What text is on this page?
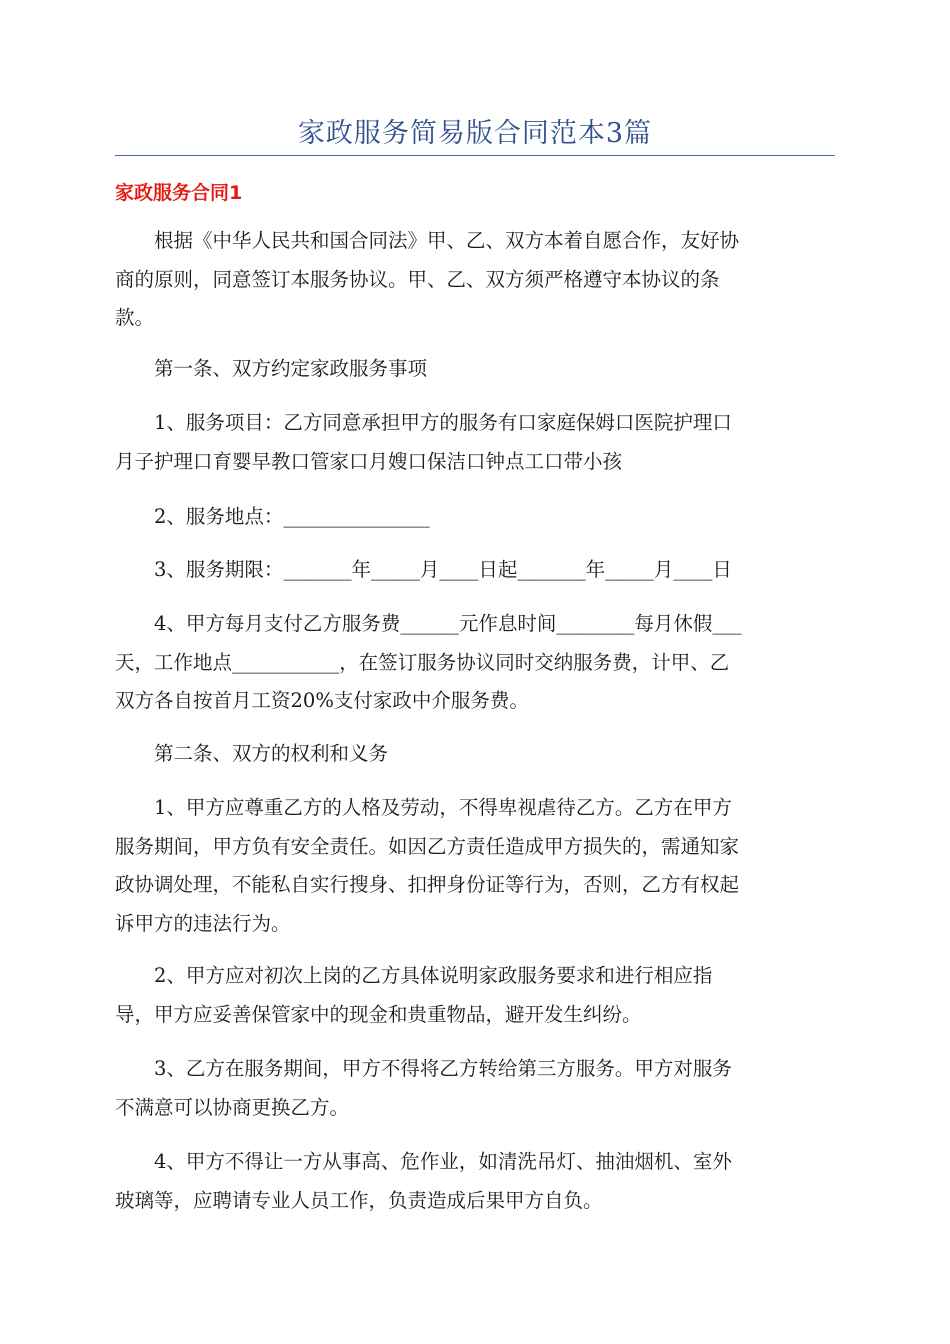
家政服务简易版合同范本3篇
家政服务合同1
根据《中华人民共和国合同法》甲、乙、双方本着自愿合作，友好协
商的原则，同意签订本服务协议。甲、乙、双方须严格遵守本协议的条
款。
第一条、双方约定家政服务事项
1、服务项目：乙方同意承担甲方的服务有口家庭保姆口医院护理口
月子护理口育婴早教口管家口月嫂口保洁口钟点工口带小孩
2、服务地点：_______________
3、服务期限：_______年_____月____日起_______年_____月____日
4、甲方每月支付乙方服务费______元作息时间________每月休假___
天，工作地点___________，在签订服务协议同时交纳服务费，计甲、乙
双方各自按首月工资20%支付家政中介服务费。
第二条、双方的权利和义务
1、甲方应尊重乙方的人格及劳动，不得卑视虐待乙方。乙方在甲方
服务期间，甲方负有安全责任。如因乙方责任造成甲方损失的，需通知家
政协调处理，不能私自实行搜身、扣押身份证等行为，否则，乙方有权起
诉甲方的违法行为。
2、甲方应对初次上岗的乙方具体说明家政服务要求和进行相应指
导，甲方应妥善保管家中的现金和贵重物品，避开发生纠纷。
3、乙方在服务期间，甲方不得将乙方转给第三方服务。甲方对服务
不满意可以协商更换乙方。
4、甲方不得让一方从事高、危作业，如清洗吊灯、抽油烟机、室外
玻璃等，应聘请专业人员工作，负责造成后果甲方自负。
